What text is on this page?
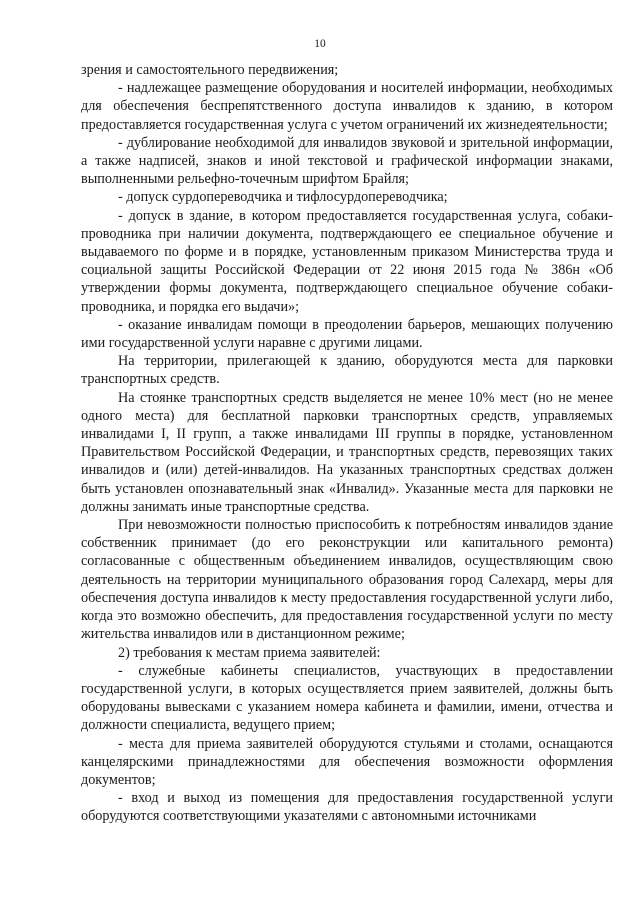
10

зрения и самостоятельного передвижения;

- надлежащее размещение оборудования и носителей информации, необходимых для обеспечения беспрепятственного доступа инвалидов к зданию, в котором предоставляется государственная услуга с учетом ограничений их жизнедеятельности;

- дублирование необходимой для инвалидов звуковой и зрительной информации, а также надписей, знаков и иной текстовой и графической информации знаками, выполненными рельефно-точечным шрифтом Брайля;

- допуск сурдопереводчика и тифлосурдопереводчика;

- допуск в здание, в котором предоставляется государственная услуга, собаки-проводника при наличии документа, подтверждающего ее специальное обучение и выдаваемого по форме и в порядке, установленным приказом Министерства труда и социальной защиты Российской Федерации от 22 июня 2015 года № 386н «Об утверждении формы документа, подтверждающего специальное обучение собаки-проводника, и порядка его выдачи»;

- оказание инвалидам помощи в преодолении барьеров, мешающих получению ими государственной услуги наравне с другими лицами.

На территории, прилегающей к зданию, оборудуются места для парковки транспортных средств.

На стоянке транспортных средств выделяется не менее 10% мест (но не менее одного места) для бесплатной парковки транспортных средств, управляемых инвалидами I, II групп, а также инвалидами III группы в порядке, установленном Правительством Российской Федерации, и транспортных средств, перевозящих таких инвалидов и (или) детей-инвалидов. На указанных транспортных средствах должен быть установлен опознавательный знак «Инвалид». Указанные места для парковки не должны занимать иные транспортные средства.

При невозможности полностью приспособить к потребностям инвалидов здание собственник принимает (до его реконструкции или капитального ремонта) согласованные с общественным объединением инвалидов, осуществляющим свою деятельность на территории муниципального образования город Салехард, меры для обеспечения доступа инвалидов к месту предоставления государственной услуги либо, когда это возможно обеспечить, для предоставления государственной услуги по месту жительства инвалидов или в дистанционном режиме;

2) требования к местам приема заявителей:

- служебные кабинеты специалистов, участвующих в предоставлении государственной услуги, в которых осуществляется прием заявителей, должны быть оборудованы вывесками с указанием номера кабинета и фамилии, имени, отчества и должности специалиста, ведущего прием;

- места для приема заявителей оборудуются стульями и столами, оснащаются канцелярскими принадлежностями для обеспечения возможности оформления документов;

- вход и выход из помещения для предоставления государственной услуги оборудуются соответствующими указателями с автономными источниками
